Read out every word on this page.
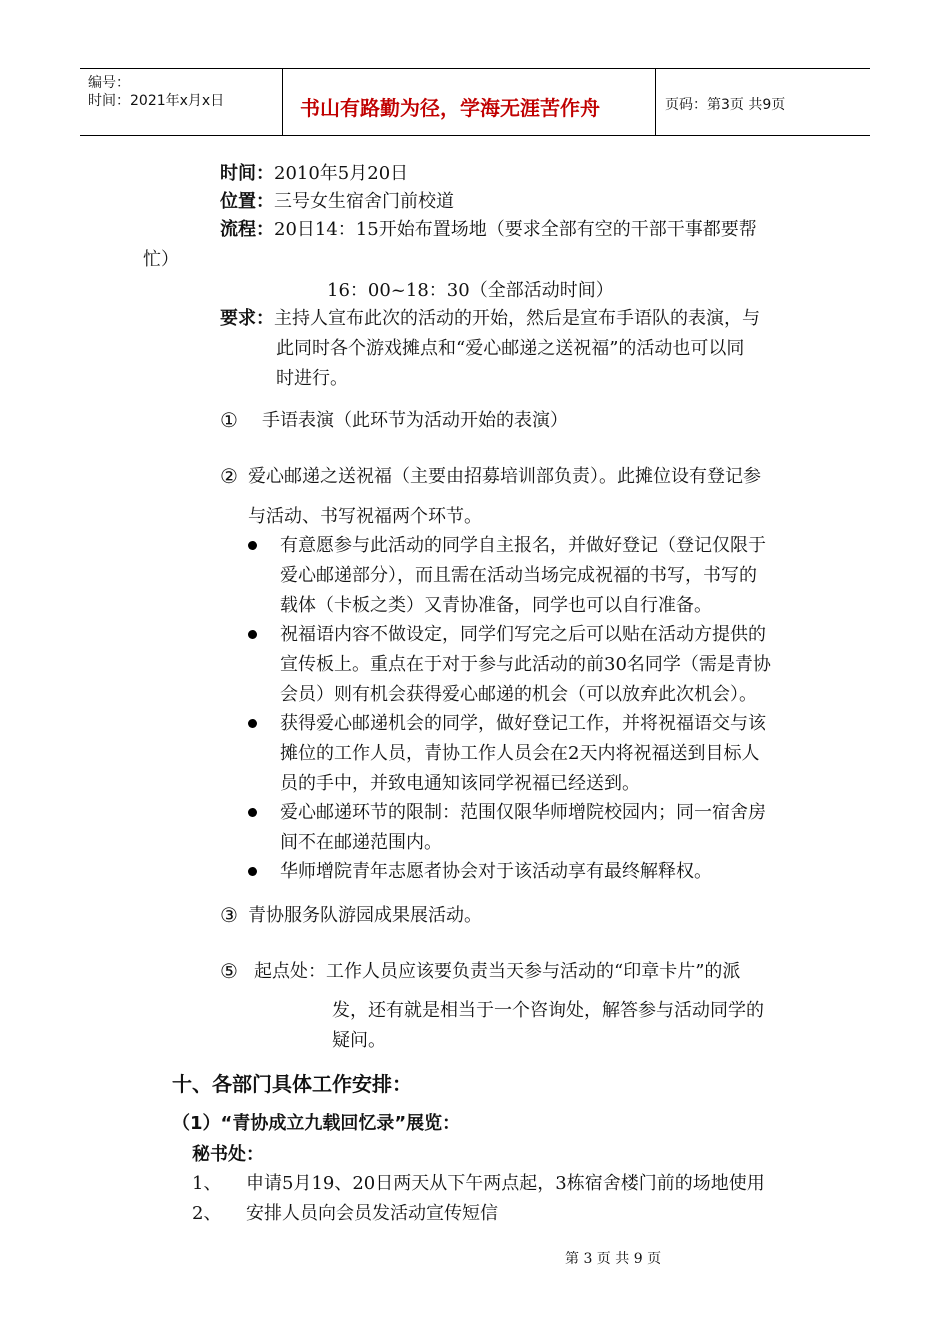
编号：
时间：2021年x月x日	书山有路勤为径，学海无涯苦作舟	页码：第3页 共9页
时间：2010年5月20日
位置：三号女生宿舍门前校道
流程：20日14：15开始布置场地（要求全部有空的干部干事都要帮
忙）
16：00~18：30（全部活动时间）
要求：主持人宣布此次的活动的开始，然后是宣布手语队的表演，与
此同时各个游戏摊点和“爱心邮递之送祝福”的活动也可以同
时进行。
① 手语表演（此环节为活动开始的表演）
② 爱心邮递之送祝福（主要由招募培训部负责）。此摊位设有登记参
与活动、书写祝福两个环节。
有意愿参与此活动的同学自主报名，并做好登记（登记仅限于
爱心邮递部分），而且需在活动当场完成祝福的书写，书写的
载体（卡板之类）又青协准备，同学也可以自行准备。
祝福语内容不做设定，同学们写完之后可以贴在活动方提供的
宣传板上。重点在于对于参与此活动的前30名同学（需是青协
会员）则有机会获得爱心邮递的机会（可以放弃此次机会）。
获得爱心邮递机会的同学，做好登记工作，并将祝福语交与该
摊位的工作人员，青协工作人员会在2天内将祝福送到目标人
员的手中，并致电通知该同学祝福已经送到。
爱心邮递环节的限制：范围仅限华师增院校园内；同一宿舍房
间不在邮递范围内。
华师增院青年志愿者协会对于该活动享有最终解释权。
③ 青协服务队游园成果展活动。
⑤ 起点处：工作人员应该要负责当天参与活动的“印章卡片”的派
发，还有就是相当于一个咨询处，解答参与活动同学的
疑问。
十、各部门具体工作安排：
（1）“青协成立九载回忆录”展览：
秘书处：
1、 申请5月19、20日两天从下午两点起，3栋宿舍楼门前的场地使用
2、 安排人员向会员发活动宣传短信
第 3 页 共 9 页
